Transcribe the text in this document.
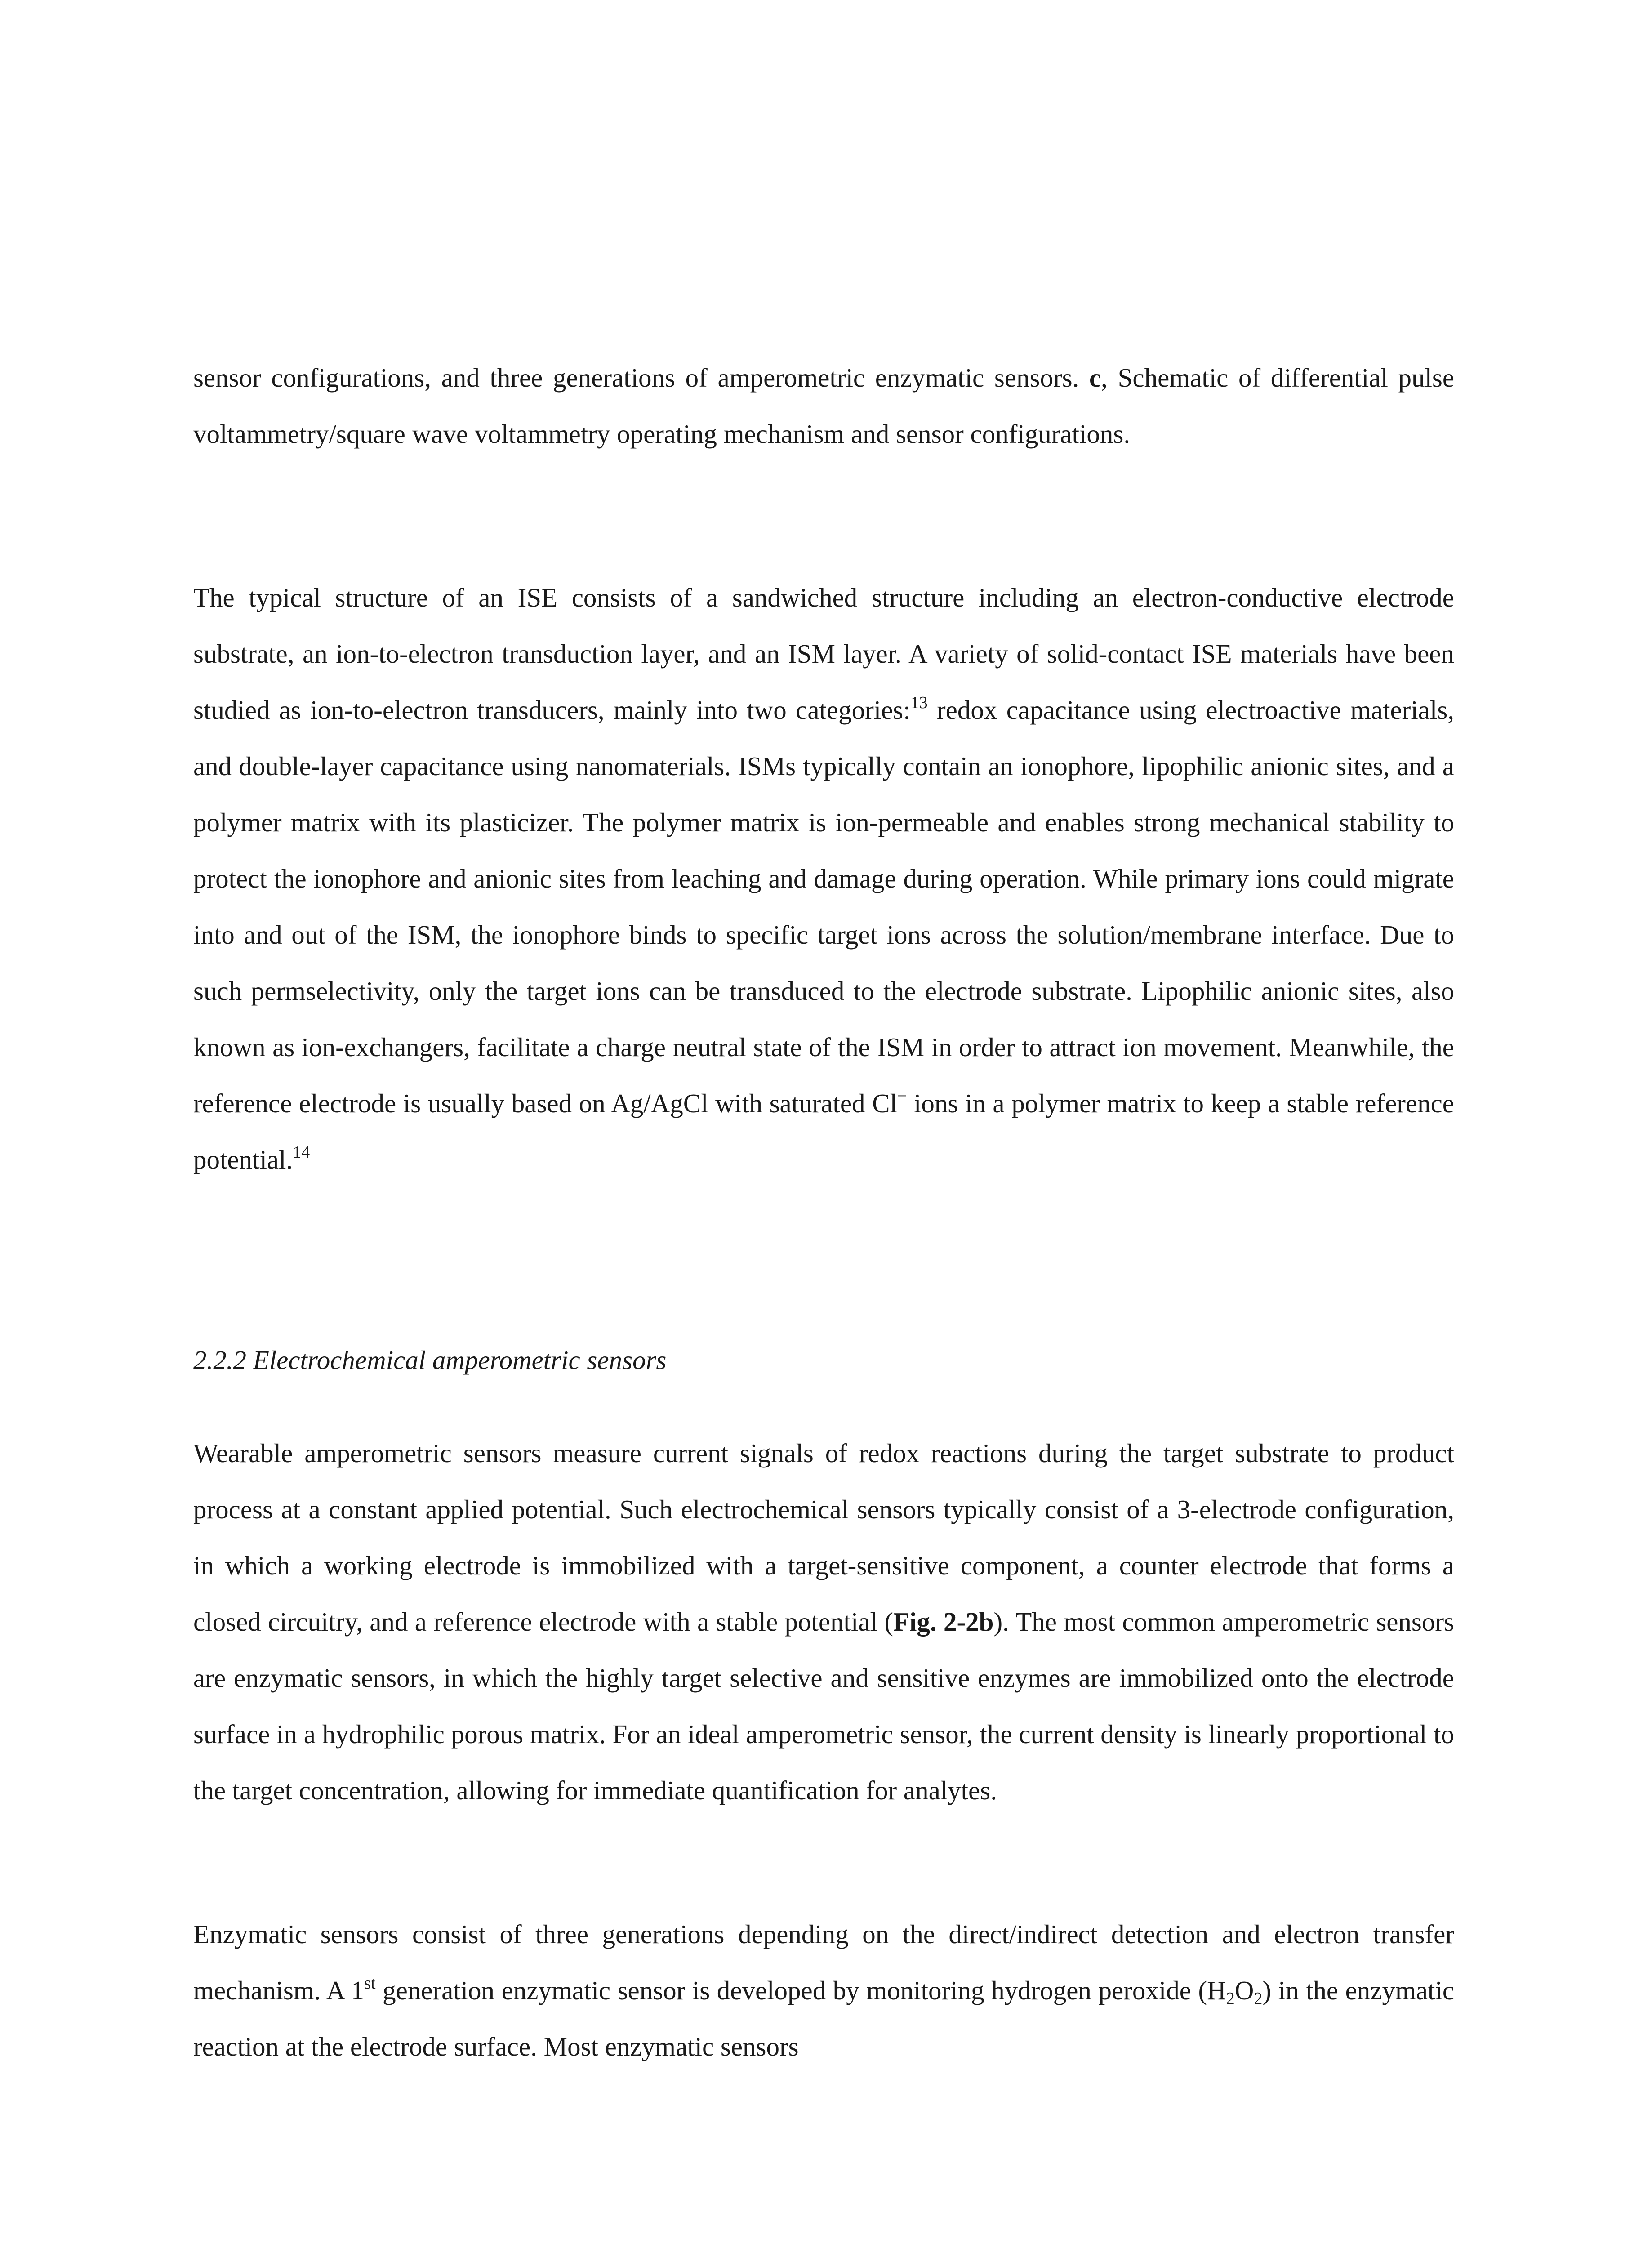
sensor configurations, and three generations of amperometric enzymatic sensors. c, Schematic of differential pulse voltammetry/square wave voltammetry operating mechanism and sensor configurations.

The typical structure of an ISE consists of a sandwiched structure including an electron-conductive electrode substrate, an ion-to-electron transduction layer, and an ISM layer. A variety of solid-contact ISE materials have been studied as ion-to-electron transducers, mainly into two categories:$^{13}$ redox capacitance using electroactive materials, and double-layer capacitance using nanomaterials. ISMs typically contain an ionophore, lipophilic anionic sites, and a polymer matrix with its plasticizer. The polymer matrix is ion-permeable and enables strong mechanical stability to protect the ionophore and anionic sites from leaching and damage during operation. While primary ions could migrate into and out of the ISM, the ionophore binds to specific target ions across the solution/membrane interface. Due to such permselectivity, only the target ions can be transduced to the electrode substrate. Lipophilic anionic sites, also known as ion-exchangers, facilitate a charge neutral state of the ISM in order to attract ion movement. Meanwhile, the reference electrode is usually based on Ag/AgCl with saturated Cl− ions in a polymer matrix to keep a stable reference potential.$^{14}$

2.2.2 Electrochemical amperometric sensors

Wearable amperometric sensors measure current signals of redox reactions during the target substrate to product process at a constant applied potential. Such electrochemical sensors typically consist of a 3-electrode configuration, in which a working electrode is immobilized with a target-sensitive component, a counter electrode that forms a closed circuitry, and a reference electrode with a stable potential (Fig. 2-2b). The most common amperometric sensors are enzymatic sensors, in which the highly target selective and sensitive enzymes are immobilized onto the electrode surface in a hydrophilic porous matrix. For an ideal amperometric sensor, the current density is linearly proportional to the target concentration, allowing for immediate quantification for analytes.

Enzymatic sensors consist of three generations depending on the direct/indirect detection and electron transfer mechanism. A 1st generation enzymatic sensor is developed by monitoring hydrogen peroxide $(H_2O_2)$ in the enzymatic reaction at the electrode surface. Most enzymatic sensors
